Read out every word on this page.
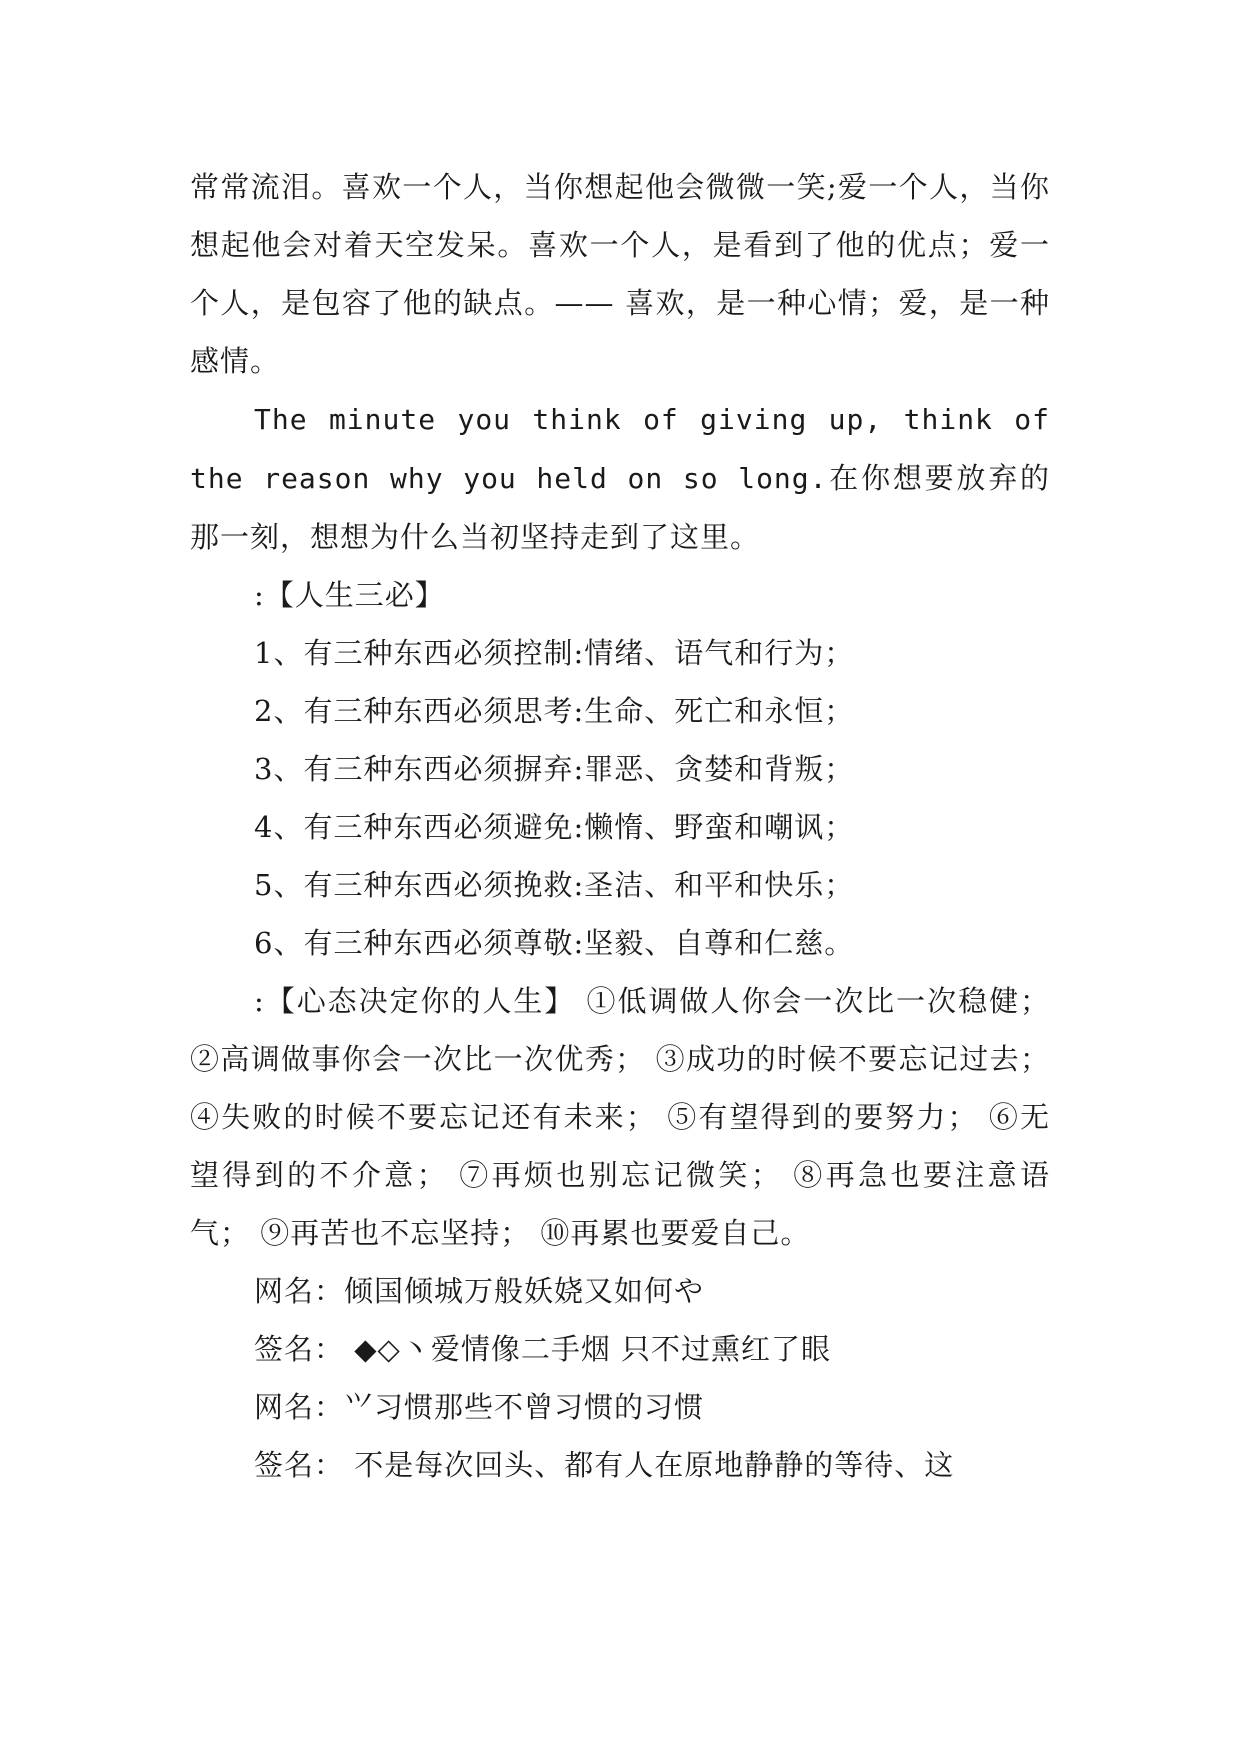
常常流泪。喜欢一个人，当你想起他会微微一笑;爱一个人，当你想起他会对着天空发呆。喜欢一个人，是看到了他的优点；爱一个人，是包容了他的缺点。—— 喜欢，是一种心情；爱，是一种感情。

The minute you think of giving up, think of the reason why you held on so long.在你想要放弃的那一刻，想想为什么当初坚持走到了这里。

:【人生三必】

1、有三种东西必须控制:情绪、语气和行为；

2、有三种东西必须思考:生命、死亡和永恒；

3、有三种东西必须摒弃:罪恶、贪婪和背叛；

4、有三种东西必须避免:懒惰、野蛮和嘲讽；

5、有三种东西必须挽救:圣洁、和平和快乐；

6、有三种东西必须尊敬:坚毅、自尊和仁慈。

:【心态决定你的人生】 ①低调做人你会一次比一次稳健； ②高调做事你会一次比一次优秀； ③成功的时候不要忘记过去； ④失败的时候不要忘记还有未来； ⑤有望得到的要努力； ⑥无望得到的不介意； ⑦再烦也别忘记微笑； ⑧再急也要注意语气； ⑨再苦也不忘坚持； ⑩再累也要爱自己。

网名：倾国倾城万般妖娆又如何や

签名： ◆◇丶爱情像二手烟 只不过熏红了眼

网名：⺍习惯那些不曾习惯的习惯

签名： 不是每次回头、都有人在原地静静的等待、这
